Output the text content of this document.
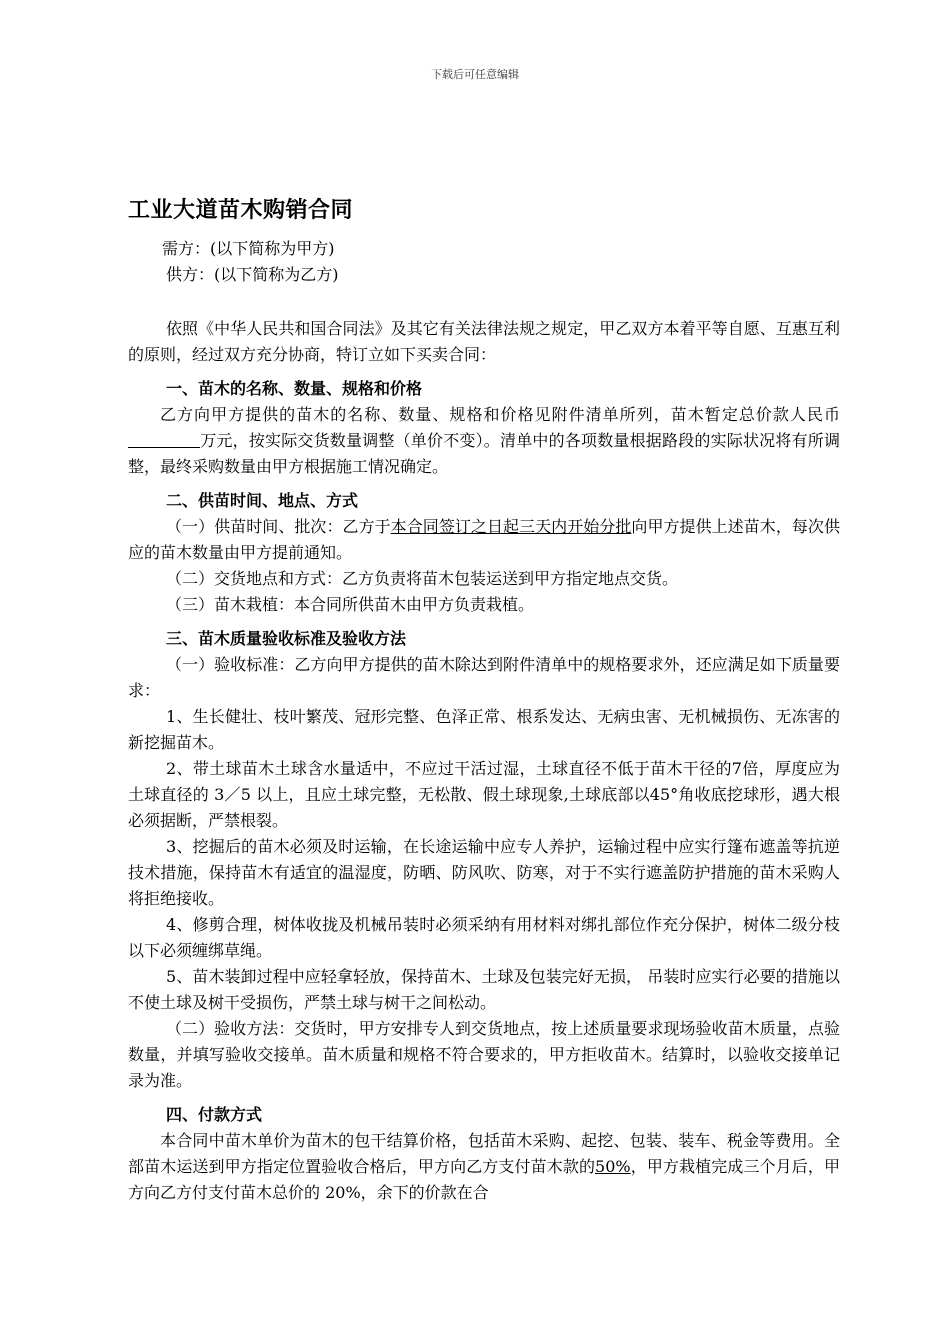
下载后可任意编辑
工业大道苗木购销合同

需方：(以下简称为甲方)

供方：(以下简称为乙方)

依照《中华人民共和国合同法》及其它有关法律法规之规定，甲乙双方本着平等自愿、互惠互利的原则，经过双方充分协商，特订立如下买卖合同：

一、苗木的名称、数量、规格和价格

乙方向甲方提供的苗木的名称、数量、规格和价格见附件清单所列，苗木暂定总价款人民币万元，按实际交货数量调整（单价不变）。清单中的各项数量根据路段的实际状况将有所调整，最终采购数量由甲方根据施工情况确定。

二、供苗时间、地点、方式

（一）供苗时间、批次：乙方于本合同签订之日起三天内开始分批向甲方提供上述苗木，每次供应的苗木数量由甲方提前通知。

（二）交货地点和方式：乙方负责将苗木包装运送到甲方指定地点交货。

（三）苗木栽植：本合同所供苗木由甲方负责栽植。

三、苗木质量验收标准及验收方法

（一）验收标准：乙方向甲方提供的苗木除达到附件清单中的规格要求外，还应满足如下质量要求：

1、生长健壮、枝叶繁茂、冠形完整、色泽正常、根系发达、无病虫害、无机械损伤、无冻害的新挖掘苗木。

2、带土球苗木土球含水量适中，不应过干活过湿，土球直径不低于苗木干径的7倍，厚度应为土球直径的 3／5 以上，且应土球完整，无松散、假土球现象,土球底部以45°角收底挖球形，遇大根必须据断，严禁根裂。

3、挖掘后的苗木必须及时运输，在长途运输中应专人养护，运输过程中应实行篷布遮盖等抗逆技术措施，保持苗木有适宜的温湿度，防晒、防风吹、防寒，对于不实行遮盖防护措施的苗木采购人将拒绝接收。

4、修剪合理，树体收拢及机械吊装时必须采纳有用材料对绑扎部位作充分保护，树体二级分枝以下必须缠绑草绳。

5、苗木装卸过程中应轻拿轻放，保持苗木、土球及包装完好无损， 吊装时应实行必要的措施以不使土球及树干受损伤，严禁土球与树干之间松动。

（二）验收方法：交货时，甲方安排专人到交货地点，按上述质量要求现场验收苗木质量，点验数量，并填写验收交接单。苗木质量和规格不符合要求的，甲方拒收苗木。结算时，以验收交接单记录为准。

四、付款方式

本合同中苗木单价为苗木的包干结算价格，包括苗木采购、起挖、包装、装车、税金等费用。全部苗木运送到甲方指定位置验收合格后，甲方向乙方支付苗木款的50%，甲方栽植完成三个月后，甲方向乙方付支付苗木总价的 20%，余下的价款在合
